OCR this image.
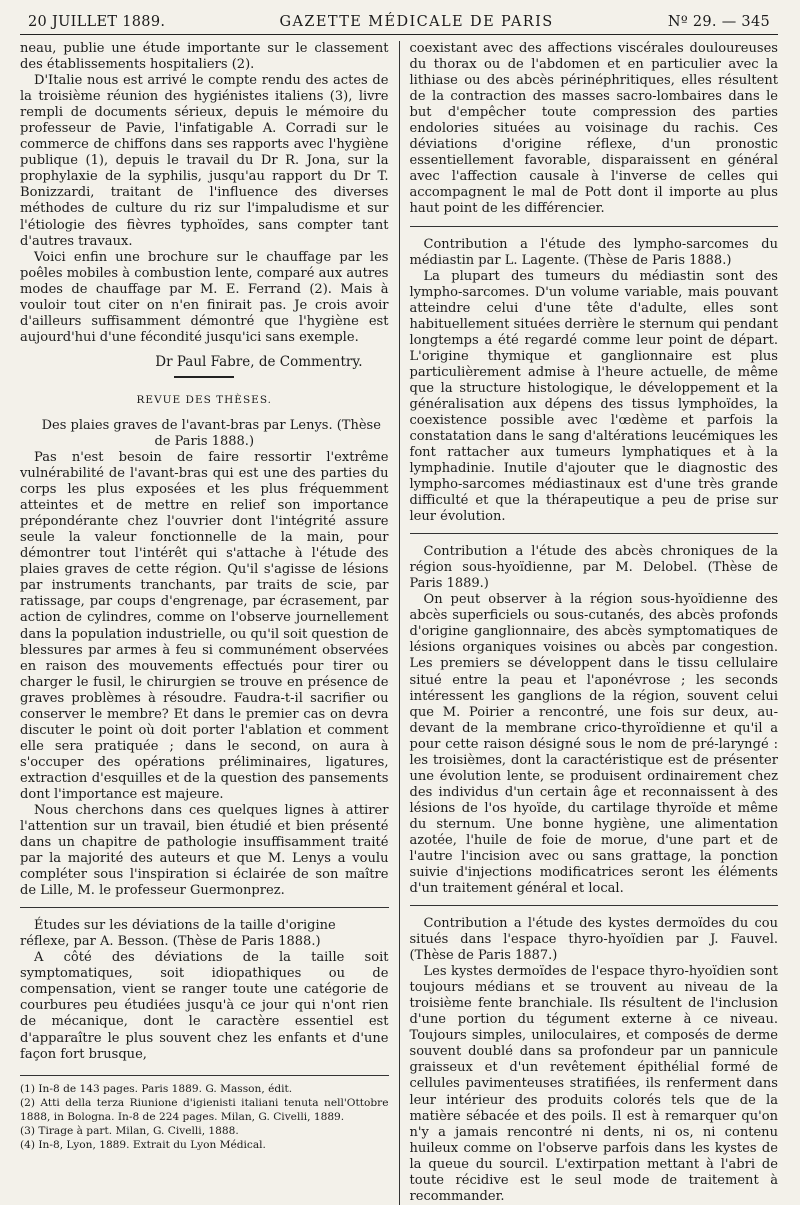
20 JUILLET 1889.	GAZETTE MÉDICALE DE PARIS	Nº 29. — 345

neau, publie une étude importante sur le classement des établissements hospitaliers (2).

D'Italie nous est arrivé le compte rendu des actes de la troisième réunion des hygiénistes italiens (3), livre rempli de documents sérieux, depuis le mémoire du professeur de Pavie, l'infatigable A. Corradi sur le commerce de chiffons dans ses rapports avec l'hygiène publique (1), depuis le travail du Dr R. Jona, sur la prophylaxie de la syphilis, jusqu'au rapport du Dr T. Bonizzardi, traitant de l'influence des diverses méthodes de culture du riz sur l'impaludisme et sur l'étiologie des fièvres typhoïdes, sans compter tant d'autres travaux.

Voici enfin une brochure sur le chauffage par les poêles mobiles à combustion lente, comparé aux autres modes de chauffage par M. E. Ferrand (2). Mais à vouloir tout citer on n'en finirait pas. Je crois avoir d'ailleurs suffisamment démontré que l'hygiène est aujourd'hui d'une fécondité jusqu'ici sans exemple.

Dr Paul Fabre, de Commentry.
REVUE DES THÈSES.

Des plaies graves de l'avant-bras par Lenys. (Thèse de Paris 1888.)

Pas n'est besoin de faire ressortir l'extrême vulnérabilité de l'avant-bras qui est une des parties du corps les plus exposées et les plus fréquemment atteintes et de mettre en relief son importance prépondérante chez l'ouvrier dont l'intégrité assure seule la valeur fonctionnelle de la main, pour démontrer tout l'intérêt qui s'attache à l'étude des plaies graves de cette région. Qu'il s'agisse de lésions par instruments tranchants, par traits de scie, par ratissage, par coups d'engrenage, par écrasement, par action de cylindres, comme on l'observe journellement dans la population industrielle, ou qu'il soit question de blessures par armes à feu si communément observées en raison des mouvements effectués pour tirer ou charger le fusil, le chirurgien se trouve en présence de graves problèmes à résoudre. Faudra-t-il sacrifier ou conserver le membre? Et dans le premier cas on devra discuter le point où doit porter l'ablation et comment elle sera pratiquée ; dans le second, on aura à s'occuper des opérations préliminaires, ligatures, extraction d'esquilles et de la question des pansements dont l'importance est majeure.

Nous cherchons dans ces quelques lignes à attirer l'attention sur un travail, bien étudié et bien présenté dans un chapitre de pathologie insuffisamment traité par la majorité des auteurs et que M. Lenys a voulu compléter sous l'inspiration si éclairée de son maître de Lille, M. le professeur Guermonprez.

Études sur les déviations de la taille d'origine réflexe, par A. Besson. (Thèse de Paris 1888.)

A côté des déviations de la taille soit symptomatiques, soit idiopathiques ou de compensation, vient se ranger toute une catégorie de courbures peu étudiées jusqu'à ce jour qui n'ont rien de mécanique, dont le caractère essentiel est d'apparaître le plus souvent chez les enfants et d'une façon fort brusque,

(1) In-8 de 143 pages. Paris 1889. G. Masson, édit.
(2) Atti della terza Riunione d'igienisti italiani tenuta nell'Ottobre 1888, in Bologna. In-8 de 224 pages. Milan, G. Civelli, 1889.
(3) Tirage à part. Milan, G. Civelli, 1888.
(4) In-8, Lyon, 1889. Extrait du Lyon Médical.

coexistant avec des affections viscérales douloureuses du thorax ou de l'abdomen et en particulier avec la lithiase ou des abcès périnéphritiques, elles résultent de la contraction des masses sacro-lombaires dans le but d'empêcher toute compression des parties endolories situées au voisinage du rachis. Ces déviations d'origine réflexe, d'un pronostic essentiellement favorable, disparaissent en général avec l'affection causale à l'inverse de celles qui accompagnent le mal de Pott dont il importe au plus haut point de les différencier.

Contribution a l'étude des lympho-sarcomes du médiastin par L. Lagente. (Thèse de Paris 1888.)

La plupart des tumeurs du médiastin sont des lympho-sarcomes. D'un volume variable, mais pouvant atteindre celui d'une tête d'adulte, elles sont habituellement situées derrière le sternum qui pendant longtemps a été regardé comme leur point de départ. L'origine thymique et ganglionnaire est plus particulièrement admise à l'heure actuelle, de même que la structure histologique, le développement et la généralisation aux dépens des tissus lymphoïdes, la coexistence possible avec l'œdème et parfois la constatation dans le sang d'altérations leucémiques les font rattacher aux tumeurs lymphatiques et à la lymphadinie. Inutile d'ajouter que le diagnostic des lympho-sarcomes médiastinaux est d'une très grande difficulté et que la thérapeutique a peu de prise sur leur évolution.

Contribution a l'étude des abcès chroniques de la région sous-hyoïdienne, par M. Delobel. (Thèse de Paris 1889.)

On peut observer à la région sous-hyoïdienne des abcès superficiels ou sous-cutanés, des abcès profonds d'origine ganglionnaire, des abcès symptomatiques de lésions organiques voisines ou abcès par congestion. Les premiers se développent dans le tissu cellulaire situé entre la peau et l'aponévrose ; les seconds intéressent les ganglions de la région, souvent celui que M. Poirier a rencontré, une fois sur deux, au-devant de la membrane crico-thyroïdienne et qu'il a pour cette raison désigné sous le nom de pré-laryngé : les troisièmes, dont la caractéristique est de présenter une évolution lente, se produisent ordinairement chez des individus d'un certain âge et reconnaissent à des lésions de l'os hyoïde, du cartilage thyroïde et même du sternum. Une bonne hygiène, une alimentation azotée, l'huile de foie de morue, d'une part et de l'autre l'incision avec ou sans grattage, la ponction suivie d'injections modificatrices seront les éléments d'un traitement général et local.

Contribution a l'étude des kystes dermoïdes du cou situés dans l'espace thyro-hyoïdien par J. Fauvel. (Thèse de Paris 1887.)

Les kystes dermoïdes de l'espace thyro-hyoïdien sont toujours médians et se trouvent au niveau de la troisième fente branchiale. Ils résultent de l'inclusion d'une portion du tégument externe à ce niveau. Toujours simples, uniloculaires, et composés de derme souvent doublé dans sa profondeur par un pannicule graisseux et d'un revêtement épithélial formé de cellules pavimenteuses stratifiées, ils renferment dans leur intérieur des produits colorés tels que de la matière sébacée et des poils. Il est à remarquer qu'on n'y a jamais rencontré ni dents, ni os, ni contenu huileux comme on l'observe parfois dans les kystes de la queue du sourcil. L'extirpation mettant à l'abri de toute récidive est le seul mode de traitement à recommander.
